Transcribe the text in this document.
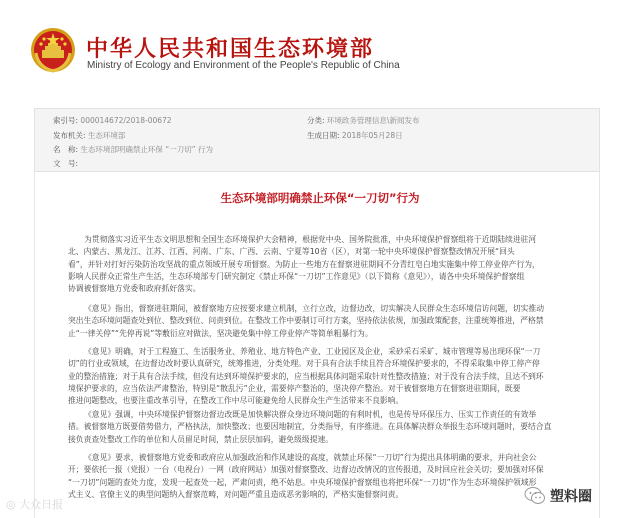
中华人民共和国生态环境部
Ministry of Ecology and Environment of the People's Republic of China
索引号: 000014672/2018-00672	分类: 环境政务管理信息\新闻发布
发布机关: 生态环境部	生成日期: 2018年05月28日
名　称: 生态环境部明确禁止环保 “一刀切” 行为
文　号:
生态环境部明确禁止环保“一刀切”行为
为贯彻落实习近平生态文明思想和全国生态环境保护大会精神，根据党中央、国务院批准，中央环境保护督察组将于近期陆续进驻河
北、内蒙古、黑龙江、江苏、江西、河南、广东、广西、云南、宁夏等10省（区），对第一轮中央环境保护督察整改情况开展“回头
看”，并针对打好污染防治攻坚战的重点领域开展专项督察。为防止一些地方在督察进驻期间不分青红皂白地实施集中停工停业停产行为，
影响人民群众正常生产生活，生态环境部专门研究制定《禁止环保“一刀切”工作意见》（以下简称《意见》），请各中央环境保护督察组
协调被督察地方党委和政府抓好落实。
《意见》指出，督察进驻期间，被督察地方应按要求建立机制，立行立改，边督边改，切实解决人民群众生态环境信访问题，切实推动
突出生态环境问题查处到位、整改到位、问责到位。在整改工作中要制订可行方案，坚持依法依规，加强政策配套，注重统筹推进，严格禁
止“一律关停”“先停再说”等敷衍应对做法，坚决避免集中停工停业停产等简单粗暴行为。
《意见》明确，对于工程施工、生活服务业、养殖业、地方特色产业、工业园区及企业，采砂采石采矿、城市管理等易出现环保“一刀
切”的行业或领域，在边督边改时要认真研究，统筹推进，分类处理。对于具有合法手续且符合环境保护要求的，不得采取集中停工停产停
业的整治措施；对于具有合法手续，但没有达到环境保护要求的，应当根据具体问题采取针对性整改措施；对于没有合法手续，且达不到环
境保护要求的，应当依法严肃整治，特别是“散乱污”企业，需要停产整治的，坚决停产整治。对于被督察地方在督察进驻期间，既要
推进问题整改，也要注重改革引导，在整改工作中尽可能避免给人民群众生产生活带来不良影响。
《意见》强调，中央环境保护督察边督边改既是加快解决群众身边环境问题的有利时机，也是传导环保压力、压实工作责任的有效举
措。被督察地方既要借势借力，严格执法，加快整改；也要因地制宜，分类指导，有序推进。在具体解决群众举报生态环境问题时，要结合直
接负责查处整改工作的单位和人员留足时间，禁止层层加码，避免级级提速。
《意见》要求，被督察地方党委和政府应从加强政治和作风建设的高度，就禁止环保“一刀切”行为提出具体明确的要求，并向社会公
开；要依托一报（党报）一台（电视台）一网（政府网站）加强对督察整改、边督边改情况的宣传报道，及时回应社会关切；要加强对环保
“一刀切”问题的查处力度，发现一起查处一起，严肃问责，绝不姑息。中央环境保护督察组也将把环保“一刀切”作为生态环境保护领域形
式主义、官僚主义的典型问题纳入督察范畴，对问题严重且造成恶劣影响的，严格实施督察问责。
◎ 大众日报	塑料圈
